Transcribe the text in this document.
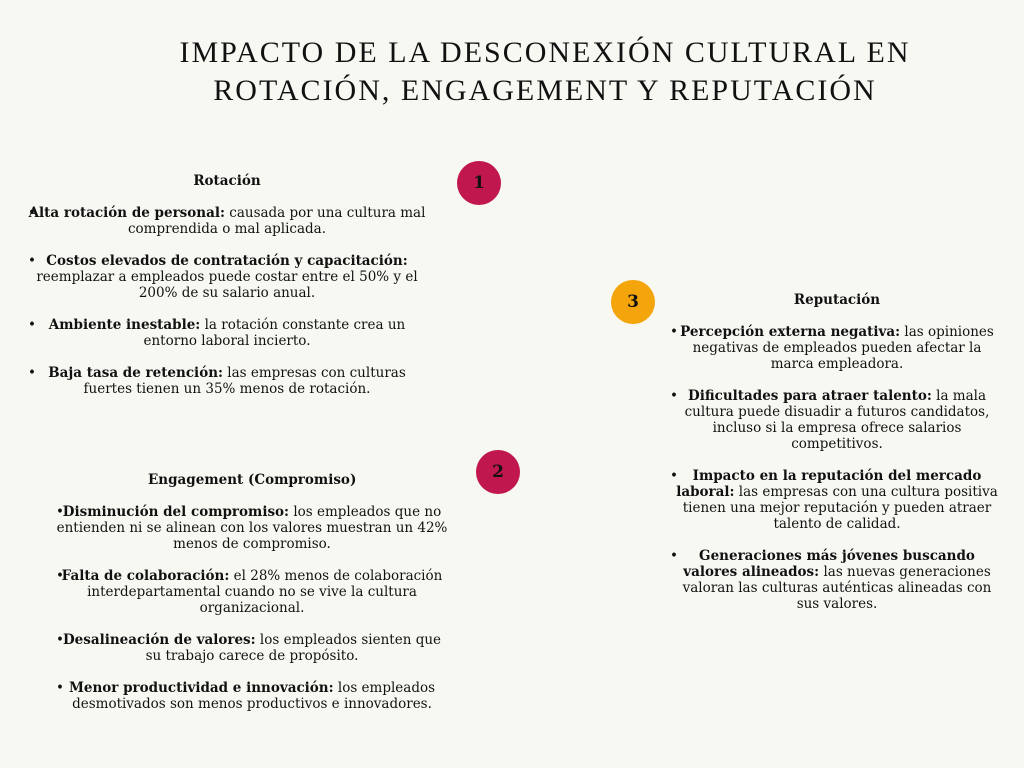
IMPACTO DE LA DESCONEXIÓN CULTURAL EN
ROTACIÓN, ENGAGEMENT Y REPUTACIÓN
1
2
3
Rotación
• Alta rotación de personal: causada por una cultura mal comprendida o mal aplicada.
• Costos elevados de contratación y capacitación: reemplazar a empleados puede costar entre el 50% y el 200% de su salario anual.
• Ambiente inestable: la rotación constante crea un entorno laboral incierto.
• Baja tasa de retención: las empresas con culturas fuertes tienen un 35% menos de rotación.
Engagement (Compromiso)
• Disminución del compromiso: los empleados que no entienden ni se alinean con los valores muestran un 42% menos de compromiso.
• Falta de colaboración: el 28% menos de colaboración interdepartamental cuando no se vive la cultura organizacional.
• Desalineación de valores: los empleados sienten que su trabajo carece de propósito.
• Menor productividad e innovación: los empleados desmotivados son menos productivos e innovadores.
Reputación
• Percepción externa negativa: las opiniones negativas de empleados pueden afectar la marca empleadora.
• Dificultades para atraer talento: la mala cultura puede disuadir a futuros candidatos, incluso si la empresa ofrece salarios competitivos.
• Impacto en la reputación del mercado laboral: las empresas con una cultura positiva tienen una mejor reputación y pueden atraer talento de calidad.
• Generaciones más jóvenes buscando valores alineados: las nuevas generaciones valoran las culturas auténticas alineadas con sus valores.
